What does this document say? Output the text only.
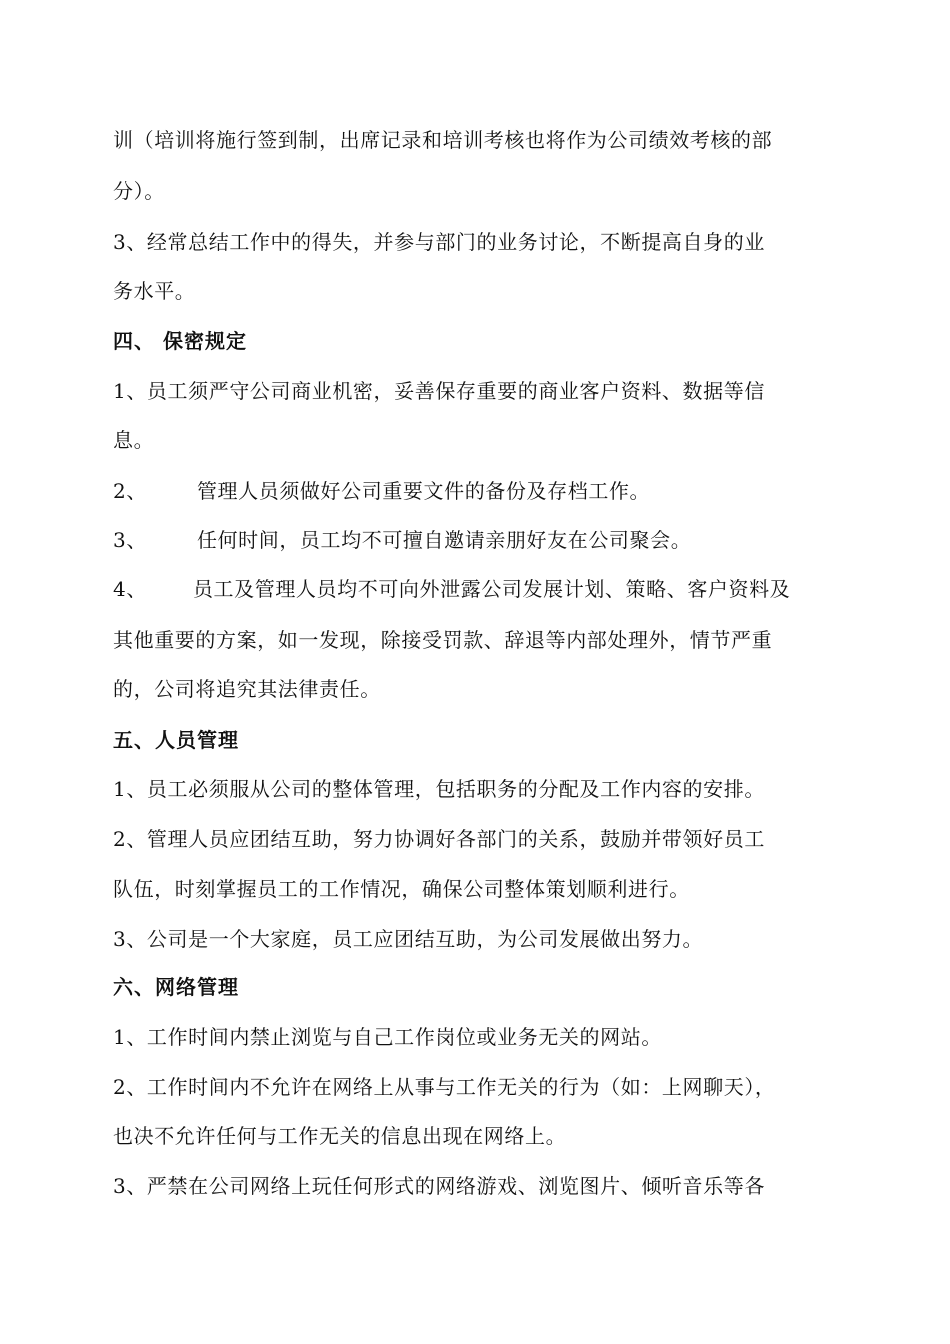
训（培训将施行签到制，出席记录和培训考核也将作为公司绩效考核的部
分）。
3、经常总结工作中的得失，并参与部门的业务讨论，不断提高自身的业
务水平。
四、 保密规定
1、员工须严守公司商业机密，妥善保存重要的商业客户资料、数据等信
息。
2、	管理人员须做好公司重要文件的备份及存档工作。
3、	任何时间，员工均不可擅自邀请亲朋好友在公司聚会。
4、 员工及管理人员均不可向外泄露公司发展计划、策略、客户资料及
其他重要的方案，如一发现，除接受罚款、辞退等内部处理外，情节严重
的，公司将追究其法律责任。
五、人员管理
1、员工必须服从公司的整体管理，包括职务的分配及工作内容的安排。
2、管理人员应团结互助，努力协调好各部门的关系，鼓励并带领好员工
队伍，时刻掌握员工的工作情况，确保公司整体策划顺利进行。
3、公司是一个大家庭，员工应团结互助，为公司发展做出努力。
六、网络管理
1、工作时间内禁止浏览与自己工作岗位或业务无关的网站。
2、工作时间内不允许在网络上从事与工作无关的行为（如：上网聊天），
也决不允许任何与工作无关的信息出现在网络上。
3、严禁在公司网络上玩任何形式的网络游戏、浏览图片、倾听音乐等各
